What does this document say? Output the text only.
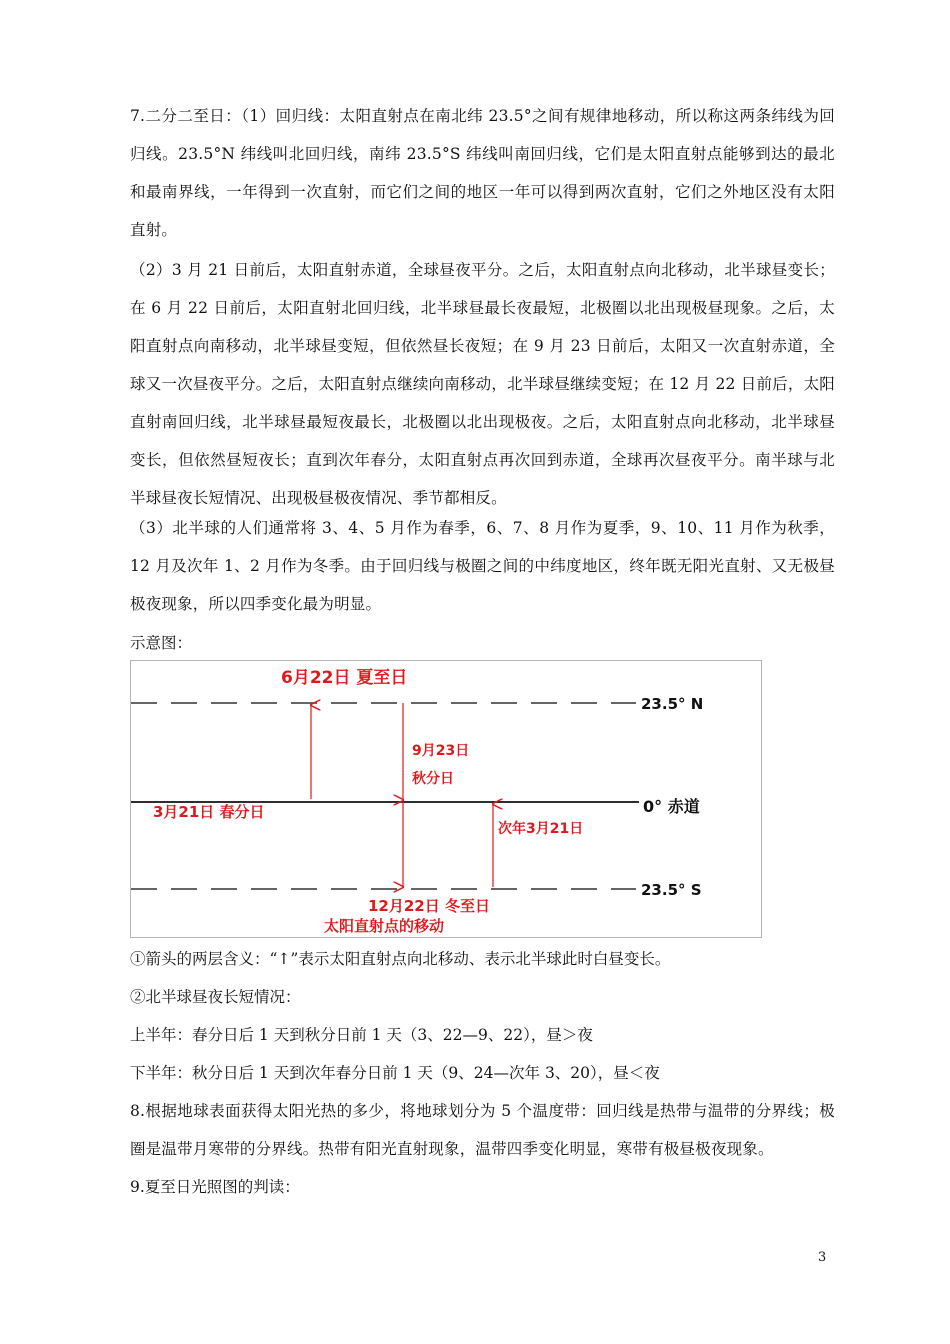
7.二分二至日：（1）回归线：太阳直射点在南北纬 23.5°之间有规律地移动，所以称这两条纬线为回归线。23.5°N 纬线叫北回归线，南纬 23.5°S 纬线叫南回归线，它们是太阳直射点能够到达的最北和最南界线，一年得到一次直射，而它们之间的地区一年可以得到两次直射，它们之外地区没有太阳直射。

（2）3 月 21 日前后，太阳直射赤道，全球昼夜平分。之后，太阳直射点向北移动，北半球昼变长；在 6 月 22 日前后，太阳直射北回归线，北半球昼最长夜最短，北极圈以北出现极昼现象。之后，太阳直射点向南移动，北半球昼变短，但依然昼长夜短；在 9 月 23 日前后，太阳又一次直射赤道，全球又一次昼夜平分。之后，太阳直射点继续向南移动，北半球昼继续变短；在 12 月 22 日前后，太阳直射南回归线，北半球昼最短夜最长，北极圈以北出现极夜。之后，太阳直射点向北移动，北半球昼变长，但依然昼短夜长；直到次年春分，太阳直射点再次回到赤道，全球再次昼夜平分。南半球与北半球昼夜长短情况、出现极昼极夜情况、季节都相反。

（3）北半球的人们通常将 3、4、5 月作为春季，6、7、8 月作为夏季，9、10、11 月作为秋季，12 月及次年 1、2 月作为冬季。由于回归线与极圈之间的中纬度地区，终年既无阳光直射、又无极昼极夜现象，所以四季变化最为明显。

示意图：

6月22日 夏至日
23.5° N
9月23日
秋分日
3月21日 春分日	0° 赤道
次年3月21日
23.5° S
12月22日 冬至日
太阳直射点的移动

①箭头的两层含义：“↑”表示太阳直射点向北移动、表示北半球此时白昼变长。

②北半球昼夜长短情况：

上半年：春分日后 1 天到秋分日前 1 天（3、22—9、22），昼＞夜

下半年：秋分日后 1 天到次年春分日前 1 天（9、24—次年 3、20），昼＜夜

8.根据地球表面获得太阳光热的多少，将地球划分为 5 个温度带：回归线是热带与温带的分界线；极圈是温带月寒带的分界线。热带有阳光直射现象，温带四季变化明显，寒带有极昼极夜现象。

9.夏至日光照图的判读：

3
